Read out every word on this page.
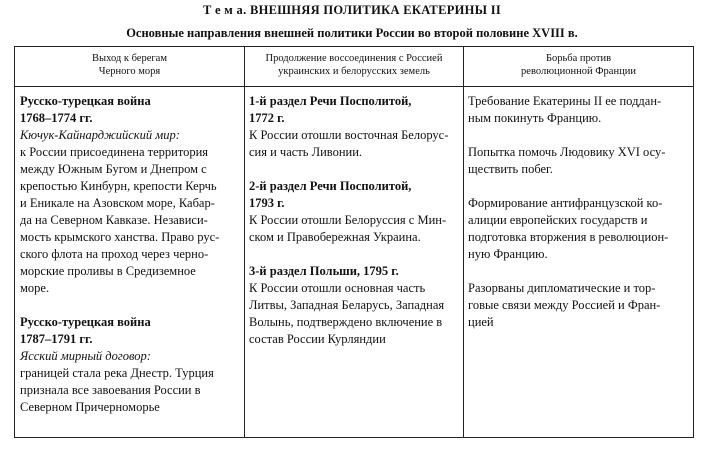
Т е м а. ВНЕШНЯЯ ПОЛИТИКА ЕКАТЕРИНЫ II
Основные направления внешней политики России во второй половине XVIII в.
Выход к берегам
Черного моря
Продолжение воссоединения с Россией
украинских и белорусских земель
Борьба против
революционной Франции

Русско-турецкая война

1768–1774 гг.

Кючук-Кайнарджийский мир:

к России присоединена территория

между Южным Бугом и Днепром с

крепостью Кинбурн, крепости Керчь

и Еникале на Азовском море, Кабар-

да на Северном Кавказе. Независи-

мость крымского ханства. Право рус-

ского флота на проход через черно-

морские проливы в Средиземное

море.

Русско-турецкая война

1787–1791 гг.

Ясский мирный договор:

границей стала река Днестр. Турция

признала все завоевания России в

Северном Причерноморье

1-й раздел Речи Посполитой,

1772 г.

К России отошли восточная Белорус-

сия и часть Ливонии.

2-й раздел Речи Посполитой,

1793 г.

К России отошли Белоруссия с Мин-

ском и Правобережная Украина.

3-й раздел Польши, 1795 г.

К России отошли основная часть

Литвы, Западная Беларусь, Западная

Волынь, подтверждено включение в

состав России Курляндии

Требование Екатерины II ее поддан-

ным покинуть Францию.

Попытка помочь Людовику XVI осу-

ществить побег.

Формирование антифранцузской ко-

алиции европейских государств и

подготовка вторжения в революцион-

ную Францию.

Разорваны дипломатические и тор-

говые связи между Россией и Фран-

цией
